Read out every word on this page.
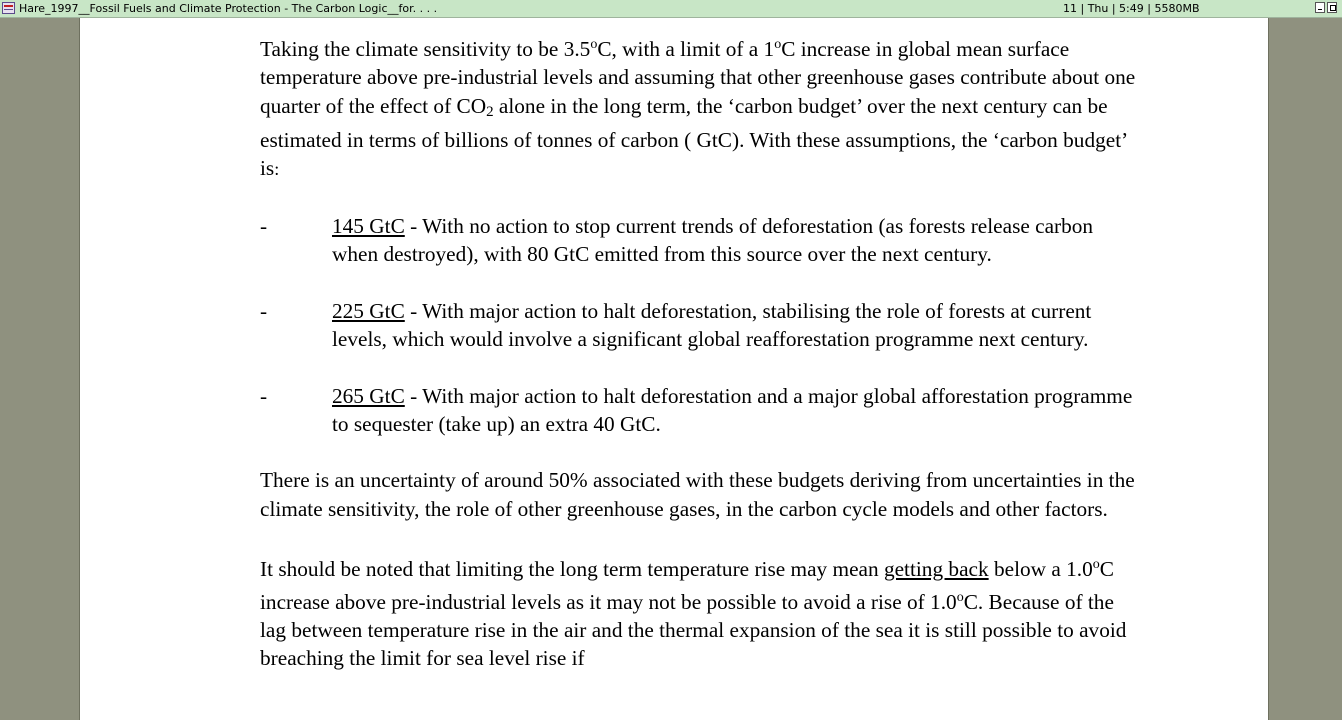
Hare_1997__Fossil Fuels and Climate Protection - The Carbon Logic__for. . . .	11 | Thu | 5:49 | 5580MB

Taking the climate sensitivity to be 3.5$^o$C, with a limit of a 1$^o$C increase in global mean surface temperature above pre-industrial levels and assuming that other greenhouse gases contribute about one quarter of the effect of $CO_2$ alone in the long term, the ‘carbon budget’ over the next century can be estimated in terms of billions of tonnes of carbon ( GtC). With these assumptions, the ‘carbon budget’ is:

-	145 GtC - With no action to stop current trends of deforestation (as forests release carbon when destroyed), with 80 GtC emitted from this source over the next century.

-	225 GtC - With major action to halt deforestation, stabilising the role of forests at current levels, which would involve a significant global reafforestation programme next century.

-	265 GtC - With major action to halt deforestation and a major global afforestation programme to sequester (take up) an extra 40 GtC.

There is an uncertainty of around 50% associated with these budgets deriving from uncertainties in the climate sensitivity, the role of other greenhouse gases, in the carbon cycle models and other factors.

It should be noted that limiting the long term temperature rise may mean getting back below a 1.0$^o$C increase above pre-industrial levels as it may not be possible to avoid a rise of 1.0$^o$C. Because of the lag between temperature rise in the air and the thermal expansion of the sea it is still possible to avoid breaching the limit for sea level rise if
